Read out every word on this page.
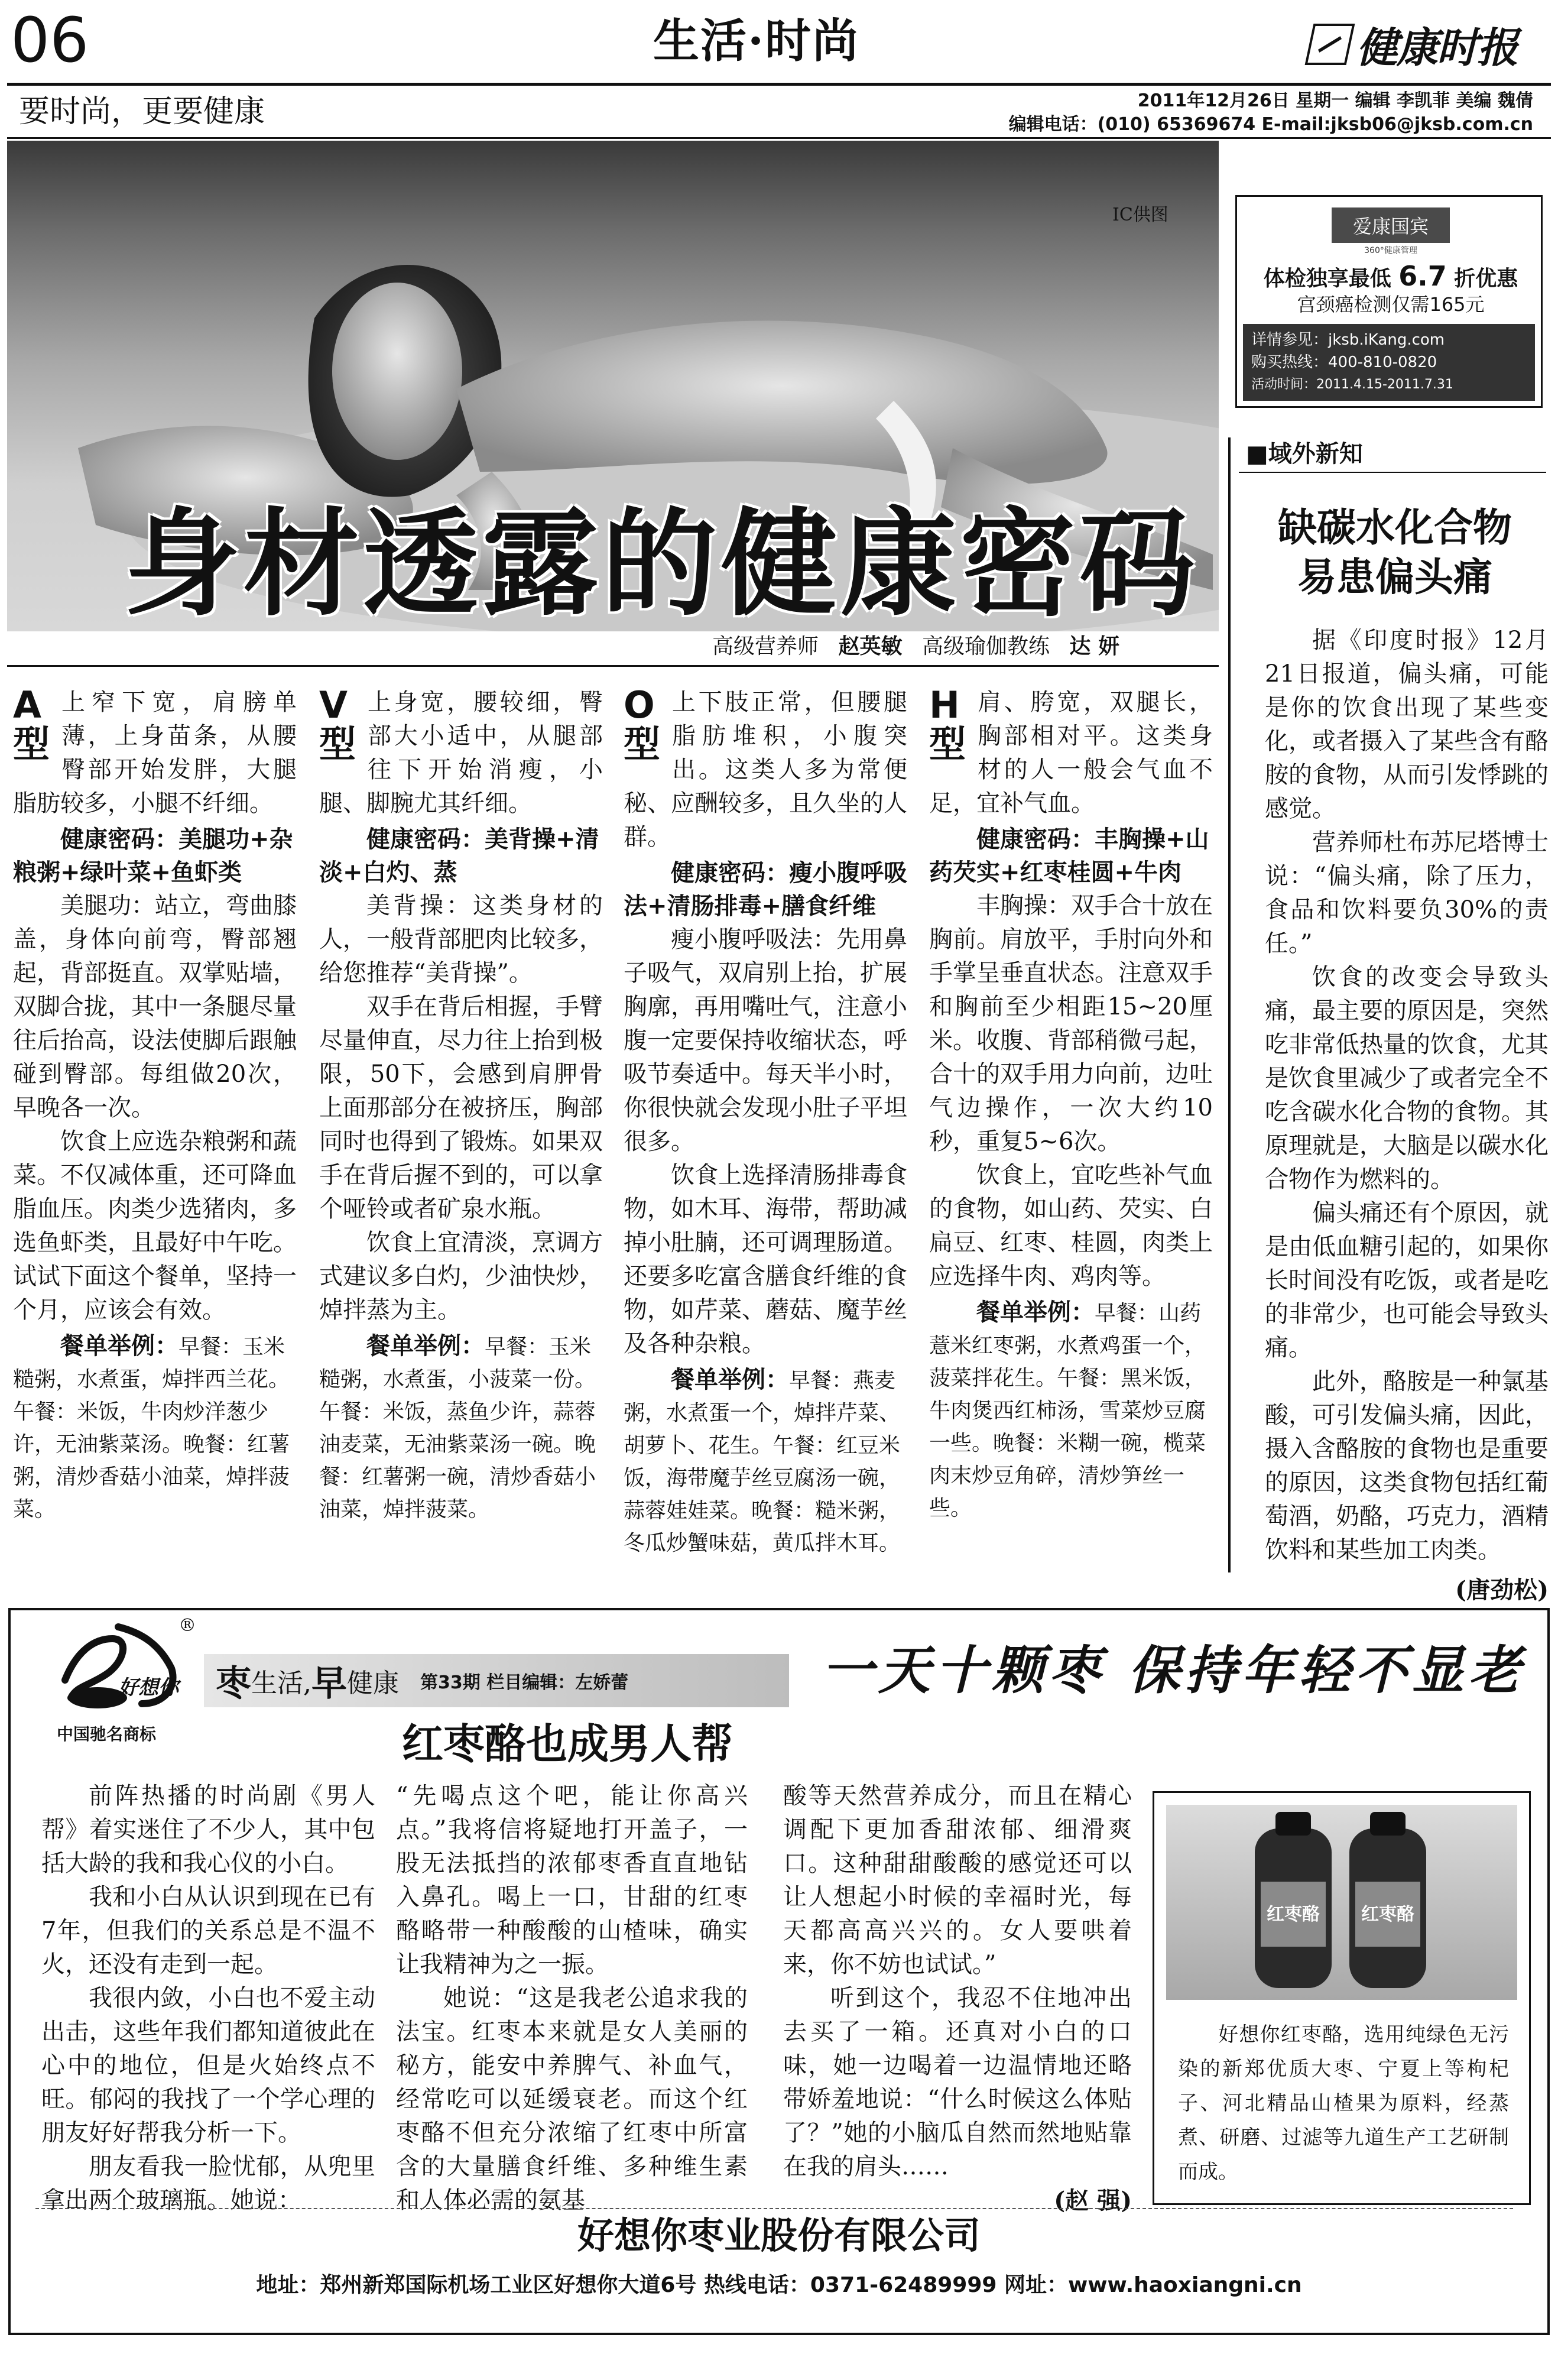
06	生活·时尚	健康时报
要时尚，更要健康	2011年12月26日 星期一 编辑 李凯菲 美编 魏倩
编辑电话：(010) 65369674 E-mail:jksb06@jksb.com.cn
IC供图
身材透露的健康密码
高级营养师 赵英敏 高级瑜伽教练 达 妍
A
型
上窄下宽，肩膀单薄，上身苗条，从腰臀部开始发胖，大腿脂肪较多，小腿不纤细。
健康密码：美腿功+杂粮粥+绿叶菜+鱼虾类

美腿功：站立，弯曲膝盖，身体向前弯，臀部翘起，背部挺直。双掌贴墙，双脚合拢，其中一条腿尽量往后抬高，设法使脚后跟触碰到臀部。每组做20次，早晚各一次。

饮食上应选杂粮粥和蔬菜。不仅减体重，还可降血脂血压。肉类少选猪肉，多选鱼虾类，且最好中午吃。试试下面这个餐单，坚持一个月，应该会有效。

餐单举例：早餐：玉米糙粥，水煮蛋，焯拌西兰花。午餐：米饭，牛肉炒洋葱少许，无油紫菜汤。晚餐：红薯粥，清炒香菇小油菜，焯拌菠菜。
V
型
上身宽，腰较细，臀部大小适中，从腿部往下开始消瘦，小腿、脚腕尤其纤细。
健康密码：美背操+清淡+白灼、蒸

美背操：这类身材的人，一般背部肥肉比较多，给您推荐“美背操”。

双手在背后相握，手臂尽量伸直，尽力往上抬到极限，50下，会感到肩胛骨上面那部分在被挤压，胸部同时也得到了锻炼。如果双手在背后握不到的，可以拿个哑铃或者矿泉水瓶。

饮食上宜清淡，烹调方式建议多白灼，少油快炒，焯拌蒸为主。

餐单举例：早餐：玉米糙粥，水煮蛋，小菠菜一份。午餐：米饭，蒸鱼少许，蒜蓉油麦菜，无油紫菜汤一碗。晚餐：红薯粥一碗，清炒香菇小油菜，焯拌菠菜。
O
型
上下肢正常，但腰腿脂肪堆积，小腹突出。这类人多为常便秘、应酬较多，且久坐的人群。
健康密码：瘦小腹呼吸法+清肠排毒+膳食纤维

瘦小腹呼吸法：先用鼻子吸气，双肩别上抬，扩展胸廓，再用嘴吐气，注意小腹一定要保持收缩状态，呼吸节奏适中。每天半小时，你很快就会发现小肚子平坦很多。

饮食上选择清肠排毒食物，如木耳、海带，帮助减掉小肚腩，还可调理肠道。还要多吃富含膳食纤维的食物，如芹菜、蘑菇、魔芋丝及各种杂粮。

餐单举例：早餐：燕麦粥，水煮蛋一个，焯拌芹菜、胡萝卜、花生。午餐：红豆米饭，海带魔芋丝豆腐汤一碗，蒜蓉娃娃菜。晚餐：糙米粥，冬瓜炒蟹味菇，黄瓜拌木耳。
H
型
肩、胯宽，双腿长，胸部相对平。这类身材的人一般会气血不足，宜补气血。
健康密码：丰胸操+山药芡实+红枣桂圆+牛肉

丰胸操：双手合十放在胸前。肩放平，手肘向外和手掌呈垂直状态。注意双手和胸前至少相距15~20厘米。收腹、背部稍微弓起，合十的双手用力向前，边吐气边操作，一次大约10秒，重复5~6次。

饮食上，宜吃些补气血的食物，如山药、芡实、白扁豆、红枣、桂圆，肉类上应选择牛肉、鸡肉等。

餐单举例：早餐：山药薏米红枣粥，水煮鸡蛋一个，菠菜拌花生。午餐：黑米饭，牛肉煲西红柿汤，雪菜炒豆腐一些。晚餐：米糊一碗，榄菜肉末炒豆角碎，清炒笋丝一些。
爱康国宾
360°健康管理
体检独享最低 6.7 折优惠
宫颈癌检测仅需165元
详情参见：jksb.iKang.com
购买热线：400-810-0820
活动时间：2011.4.15-2011.7.31
■域外新知
缺碳水化合物
易患偏头痛

据《印度时报》12月21日报道，偏头痛，可能是你的饮食出现了某些变化，或者摄入了某些含有酪胺的食物，从而引发悸跳的感觉。

营养师杜布苏尼塔博士说：“偏头痛，除了压力，食品和饮料要负30%的责任。”

饮食的改变会导致头痛，最主要的原因是，突然吃非常低热量的饮食，尤其是饮食里减少了或者完全不吃含碳水化合物的食物。其原理就是，大脑是以碳水化合物作为燃料的。

偏头痛还有个原因，就是由低血糖引起的，如果你长时间没有吃饭，或者是吃的非常少，也可能会导致头痛。

此外，酪胺是一种氯基酸，可引发偏头痛，因此，摄入含酪胺的食物也是重要的原因，这类食物包括红葡萄酒，奶酪，巧克力，酒精饮料和某些加工肉类。

(唐劲松)
好想你
®
中国驰名商标
枣 生活, 早 健康 第33期 栏目编辑：左娇蕾	一天十颗枣 保持年轻不显老
红枣酪也成男人帮

前阵热播的时尚剧《男人帮》着实迷住了不少人，其中包括大龄的我和我心仪的小白。

我和小白从认识到现在已有7年，但我们的关系总是不温不火，还没有走到一起。

我很内敛，小白也不爱主动出击，这些年我们都知道彼此在心中的地位，但是火始终点不旺。郁闷的我找了一个学心理的朋友好好帮我分析一下。

朋友看我一脸忧郁，从兜里拿出两个玻璃瓶。她说：

“先喝点这个吧，能让你高兴点。”我将信将疑地打开盖子，一股无法抵挡的浓郁枣香直直地钻入鼻孔。喝上一口，甘甜的红枣酪略带一种酸酸的山楂味，确实让我精神为之一振。

她说：“这是我老公追求我的法宝。红枣本来就是女人美丽的秘方，能安中养脾气、补血气，经常吃可以延缓衰老。而这个红枣酪不但充分浓缩了红枣中所富含的大量膳食纤维、多种维生素和人体必需的氨基

酸等天然营养成分，而且在精心调配下更加香甜浓郁、细滑爽口。这种甜甜酸酸的感觉还可以让人想起小时候的幸福时光，每天都高高兴兴的。女人要哄着来，你不妨也试试。”

听到这个，我忍不住地冲出去买了一箱。还真对小白的口味，她一边喝着一边温情地还略带娇羞地说：“什么时候这么体贴了？”她的小脑瓜自然而然地贴靠在我的肩头……

(赵 强)
红枣酪	红枣酪
好想你红枣酪，选用纯绿色无污染的新郑优质大枣、宁夏上等枸杞子、河北精品山楂果为原料，经蒸煮、研磨、过滤等九道生产工艺研制而成。
好想你枣业股份有限公司
地址：郑州新郑国际机场工业区好想你大道6号 热线电话：0371-62489999 网址：www.haoxiangni.cn
